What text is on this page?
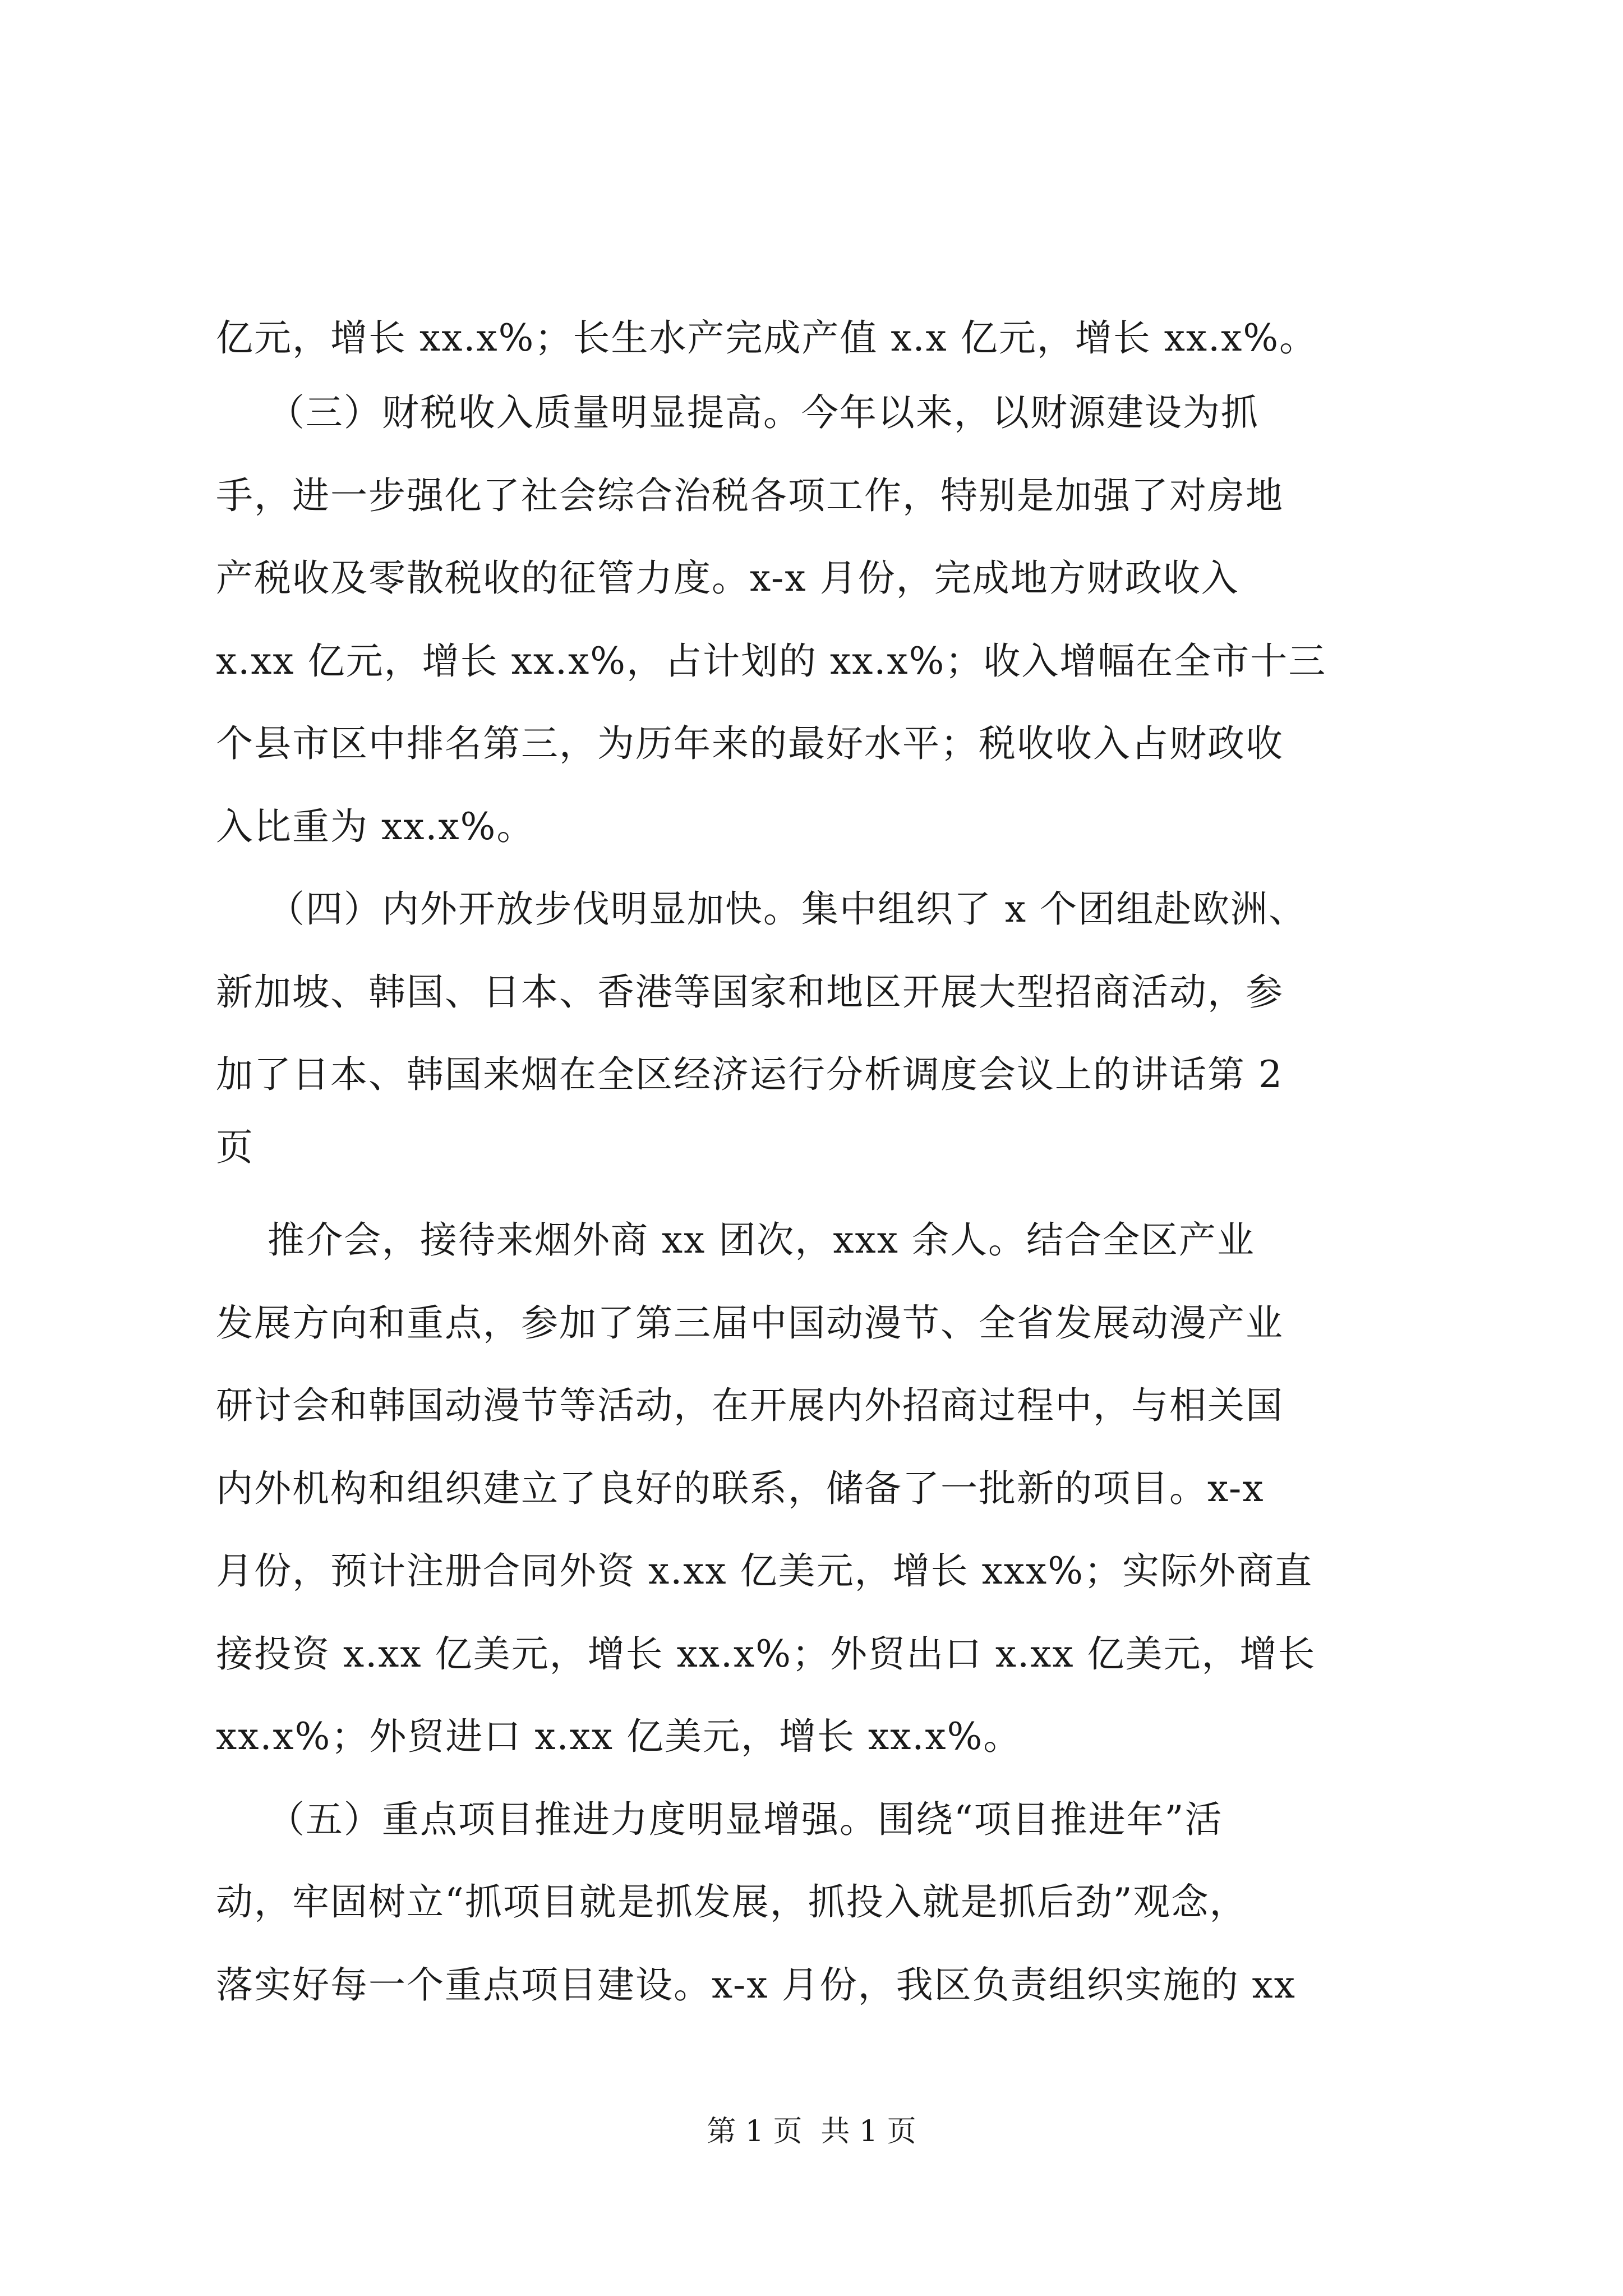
亿元，增长 xx.x%；长生水产完成产值 x.x 亿元，增长 xx.x%。
（三）财税收入质量明显提高。今年以来，以财源建设为抓
手，进一步强化了社会综合治税各项工作，特别是加强了对房地
产税收及零散税收的征管力度。x-x 月份，完成地方财政收入
x.xx 亿元，增长 xx.x%，占计划的 xx.x%；收入增幅在全市十三
个县市区中排名第三，为历年来的最好水平；税收收入占财政收
入比重为 xx.x%。
（四）内外开放步伐明显加快。集中组织了 x 个团组赴欧洲、
新加坡、韩国、日本、香港等国家和地区开展大型招商活动，参
加了日本、韩国来烟在全区经济运行分析调度会议上的讲话第 2
页
推介会，接待来烟外商 xx 团次，xxx 余人。结合全区产业
发展方向和重点，参加了第三届中国动漫节、全省发展动漫产业
研讨会和韩国动漫节等活动，在开展内外招商过程中，与相关国
内外机构和组织建立了良好的联系，储备了一批新的项目。x-x
月份，预计注册合同外资 x.xx 亿美元，增长 xxx%；实际外商直
接投资 x.xx 亿美元，增长 xx.x%；外贸出口 x.xx 亿美元，增长
xx.x%；外贸进口 x.xx 亿美元，增长 xx.x%。
（五）重点项目推进力度明显增强。围绕“项目推进年”活
动，牢固树立“抓项目就是抓发展，抓投入就是抓后劲”观念，
落实好每一个重点项目建设。x-x 月份，我区负责组织实施的 xx
第 1 页  共 1 页
